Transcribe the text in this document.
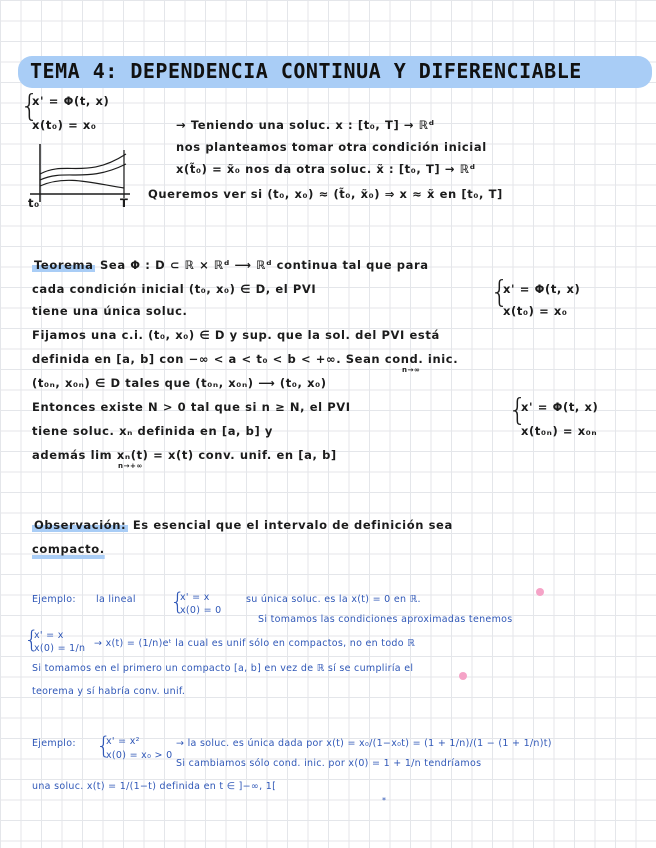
TEMA 4: DEPENDENCIA CONTINUA Y DIFERENCIABLE
{
x' = Φ(t, x)
x(t₀) = x₀
t₀	T
→ Teniendo una soluc. x : [t₀, T] → ℝᵈ
nos planteamos tomar otra condición inicial
x(t̃₀) = x̃₀ nos da otra soluc. x̃ : [t₀, T] → ℝᵈ
Queremos ver si (t₀, x₀) ≈ (t̃₀, x̃₀) ⇒ x ≈ x̃ en [t₀, T]
Teorema Sea Φ : D ⊂ ℝ × ℝᵈ ⟶ ℝᵈ continua tal que para
cada condición inicial (t₀, x₀) ∈ D, el PVI	{
x' = Φ(t, x)
x(t₀) = x₀
tiene una única soluc.
Fijamos una c.i. (t₀, x₀) ∈ D y sup. que la sol. del PVI está
definida en [a, b] con −∞ < a < t₀ < b < +∞. Sean cond. inic.
(t₀ₙ, x₀ₙ) ∈ D tales que (t₀ₙ, x₀ₙ) ⟶ (t₀, x₀)
n→∞
Entonces existe N > 0 tal que si n ≥ N, el PVI	{
x' = Φ(t, x)
x(t₀ₙ) = x₀ₙ
tiene soluc. xₙ definida en [a, b] y
además lim xₙ(t) = x(t) conv. unif. en [a, b]
n→+∞
Observación: Es esencial que el intervalo de definición sea
compacto.
Ejemplo: la lineal {
x' = x
x(0) = 0
su única soluc. es la x(t) = 0 en ℝ.
Si tomamos las condiciones aproximadas tenemos
{
x' = x
x(0) = 1/n → x(t) = (1/n)eᵗ la cual es unif sólo en compactos, no en todo ℝ
Si tomamos en el primero un compacto [a, b] en vez de ℝ sí se cumpliría el
teorema y sí habría conv. unif.
Ejemplo: {
x' = x²
x(0) = x₀ > 0
→ la soluc. es única dada por x(t) = x₀/(1−x₀t) = (1 + 1/n)/(1 − (1 + 1/n)t)
Si cambiamos sólo cond. inic. por x(0) = 1 + 1/n tendríamos
una soluc. x(t) = 1/(1−t) definida en t ∈ ]−∞, 1[
*
